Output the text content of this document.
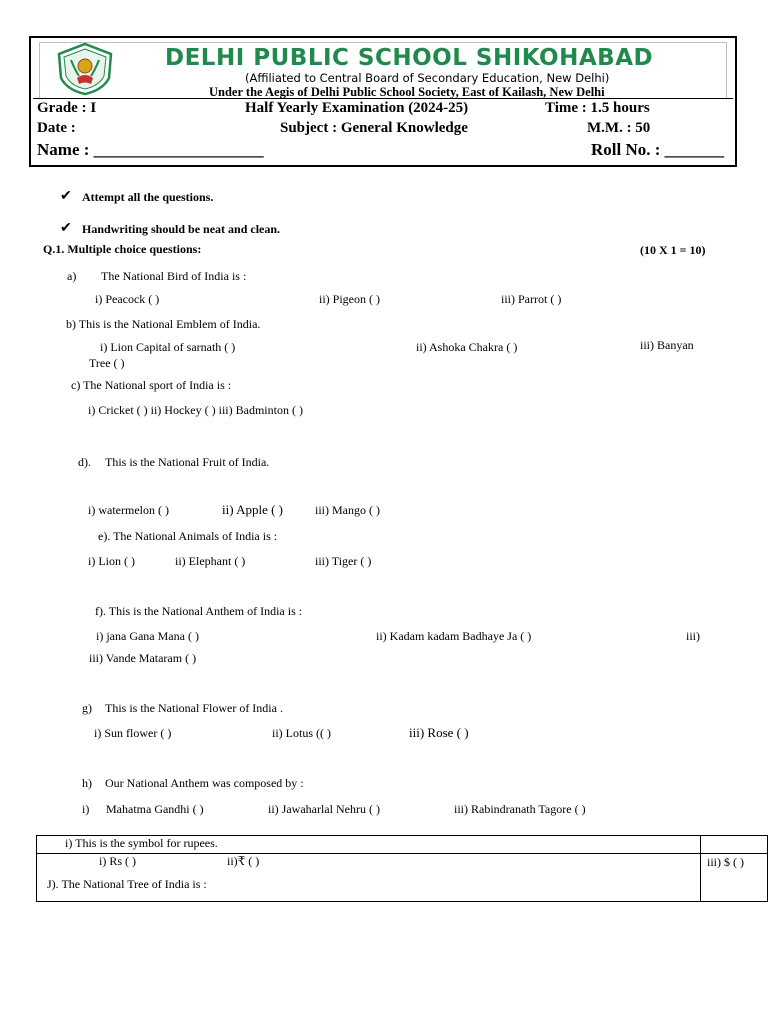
DELHI PUBLIC SCHOOL SHIKOHABAD
(Affiliated to Central Board of Secondary Education, New Delhi)
Under the Aegis of Delhi Public School Society, East of Kailash, New Delhi
Grade : I	Half Yearly Examination (2024-25)	Time : 1.5 hours
Date :	Subject : General Knowledge	M.M. : 50
Name : ____________________	Roll No. : _______
✔ Attempt all the questions.
✔ Handwriting should be neat and clean.
Q.1. Multiple choice questions:	(10 X 1 = 10)
a) The National Bird of India is :
i) Peacock ( )	ii) Pigeon ( )	iii) Parrot ( )
b) This is the National Emblem of India.
i) Lion Capital of sarnath ( )	ii) Ashoka Chakra ( )	iii) Banyan
Tree ( )
c) The National sport of India is :
i) Cricket ( ) ii) Hockey ( ) iii) Badminton ( )
d). This is the National Fruit of India.
i) watermelon ( )	ii) Apple ( )	iii) Mango ( )
e). The National Animals of India is :
i) Lion ( )	ii) Elephant ( )	iii) Tiger ( )
f). This is the National Anthem of India is :
i) jana Gana Mana ( )	ii) Kadam kadam Badhaye Ja ( )	iii)
iii) Vande Mataram ( )
g) This is the National Flower of India .
i) Sun flower ( )	ii) Lotus (( )	iii) Rose ( )
h) Our National Anthem was composed by :
i) Mahatma Gandhi ( )	ii) Jawaharlal Nehru ( )	iii) Rabindranath Tagore ( )
i) This is the symbol for rupees.
i) Rs ( )	ii)₹ ( )	iii) $ ( )
J). The National Tree of India is :
